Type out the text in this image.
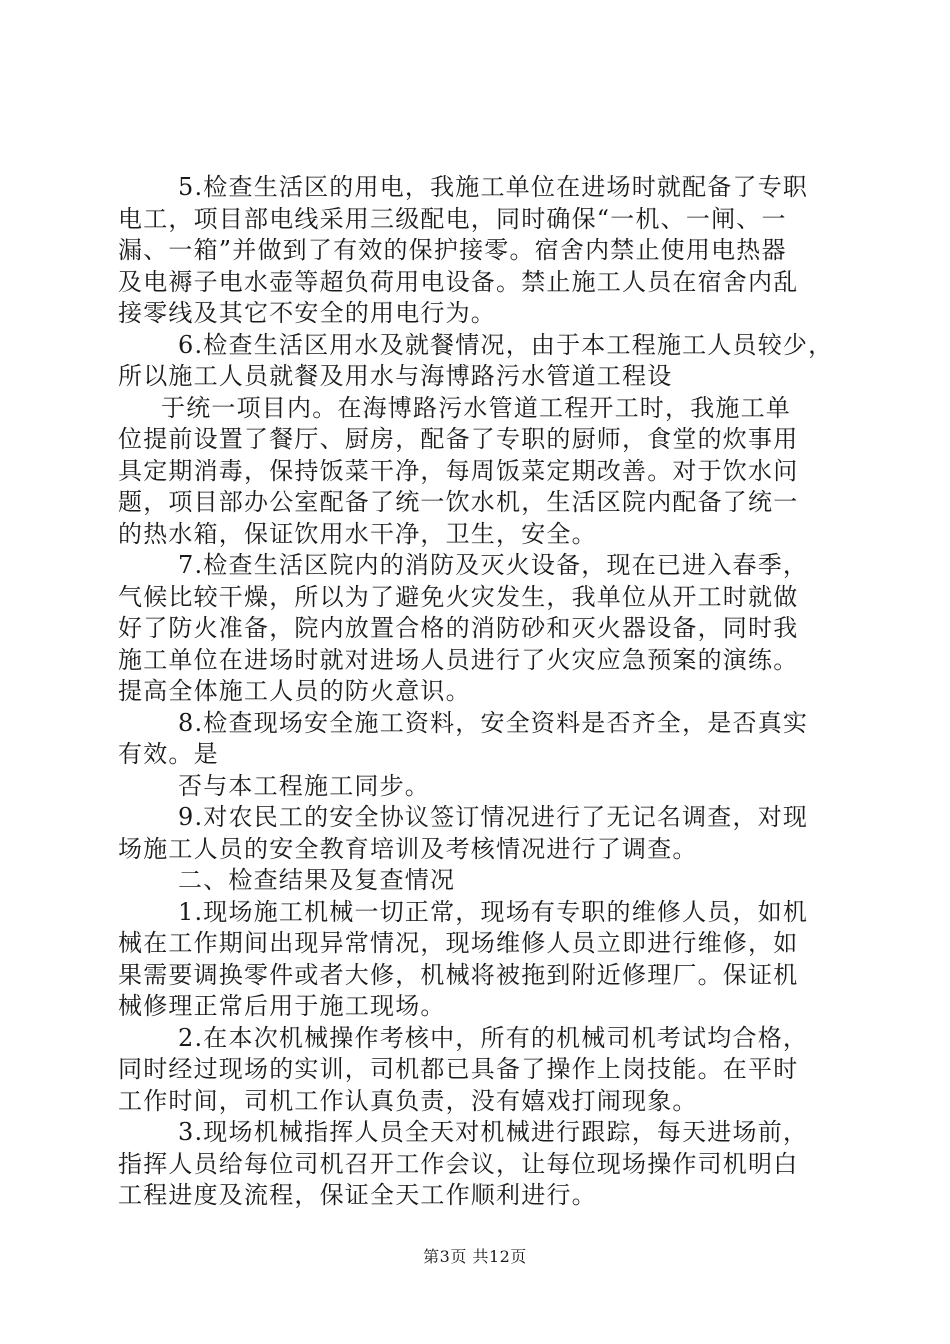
5.检查生活区的用电，我施工单位在进场时就配备了专职
电工，项目部电线采用三级配电，同时确保“一机、一闸、一
漏、一箱”并做到了有效的保护接零。宿舍内禁止使用电热器
及电褥子电水壶等超负荷用电设备。禁止施工人员在宿舍内乱
接零线及其它不安全的用电行为。
6.检查生活区用水及就餐情况，由于本工程施工人员较少，
所以施工人员就餐及用水与海博路污水管道工程设
于统一项目内。在海博路污水管道工程开工时，我施工单
位提前设置了餐厅、厨房，配备了专职的厨师，食堂的炊事用
具定期消毒，保持饭菜干净，每周饭菜定期改善。对于饮水问
题，项目部办公室配备了统一饮水机，生活区院内配备了统一
的热水箱，保证饮用水干净，卫生，安全。
7.检查生活区院内的消防及灭火设备，现在已进入春季，
气候比较干燥，所以为了避免火灾发生，我单位从开工时就做
好了防火准备，院内放置合格的消防砂和灭火器设备，同时我
施工单位在进场时就对进场人员进行了火灾应急预案的演练。
提高全体施工人员的防火意识。
8.检查现场安全施工资料，安全资料是否齐全，是否真实
有效。是
否与本工程施工同步。
9.对农民工的安全协议签订情况进行了无记名调查，对现
场施工人员的安全教育培训及考核情况进行了调查。
二、检查结果及复查情况
1.现场施工机械一切正常，现场有专职的维修人员，如机
械在工作期间出现异常情况，现场维修人员立即进行维修，如
果需要调换零件或者大修，机械将被拖到附近修理厂。保证机
械修理正常后用于施工现场。
2.在本次机械操作考核中，所有的机械司机考试均合格，
同时经过现场的实训，司机都已具备了操作上岗技能。在平时
工作时间，司机工作认真负责，没有嬉戏打闹现象。
3.现场机械指挥人员全天对机械进行跟踪，每天进场前，
指挥人员给每位司机召开工作会议，让每位现场操作司机明白
工程进度及流程，保证全天工作顺利进行。
第3页 共12页
